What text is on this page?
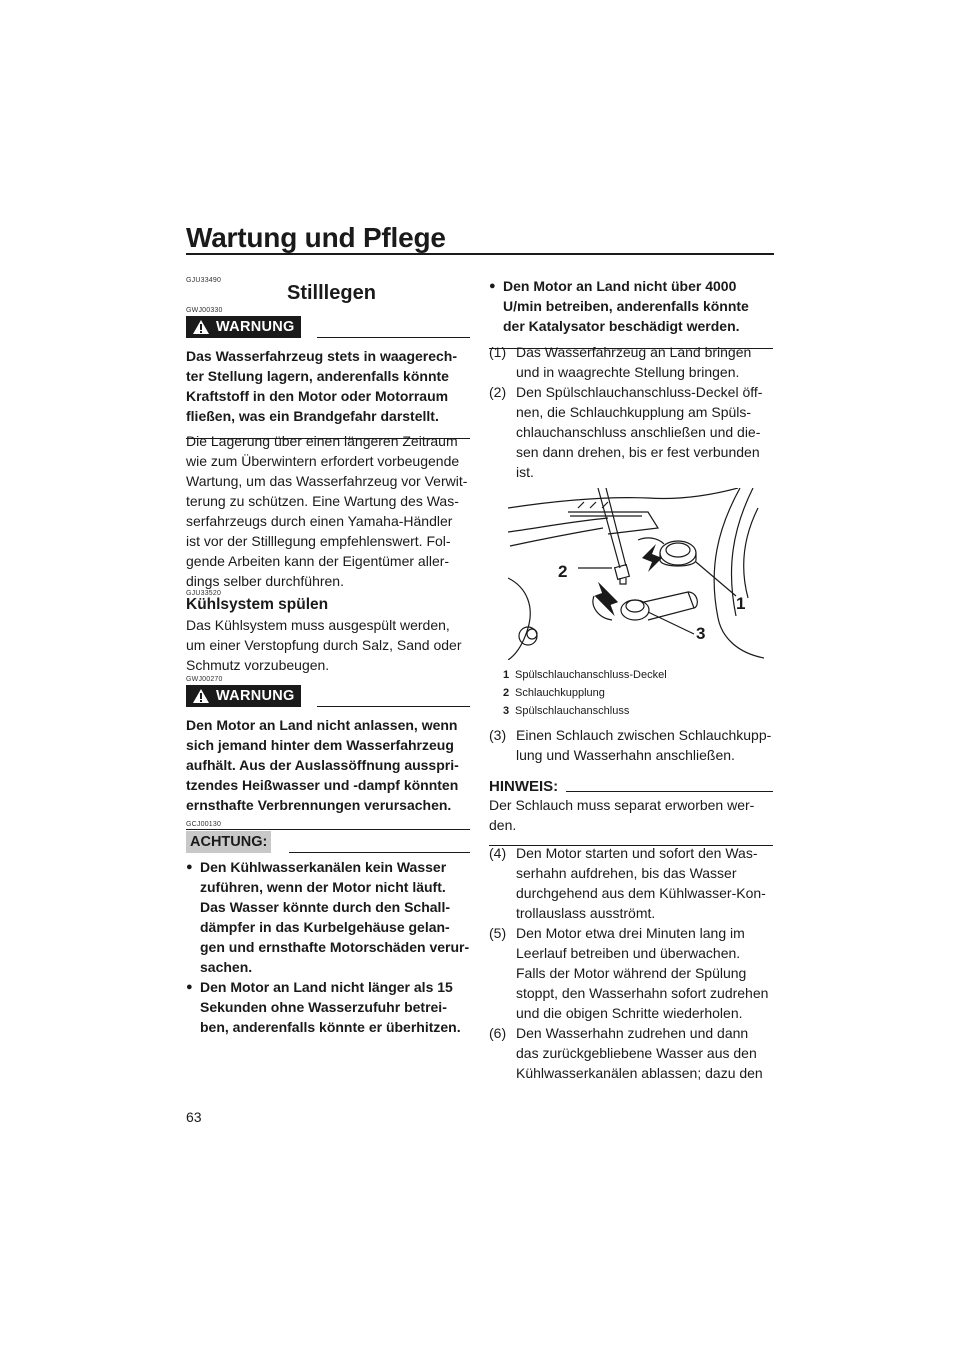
Wartung und Pflege
GJU33490
Stilllegen
GWJ00330
WARNUNG
Das Wasserfahrzeug stets in waagerech-
ter Stellung lagern, anderenfalls könnte
Kraftstoff in den Motor oder Motorraum
fließen, was ein Brandgefahr darstellt.
Die Lagerung über einen längeren Zeitraum
wie zum Überwintern erfordert vorbeugende
Wartung, um das Wasserfahrzeug vor Verwit-
terung zu schützen. Eine Wartung des Was-
serfahrzeugs durch einen Yamaha-Händler
ist vor der Stilllegung empfehlenswert. Fol-
gende Arbeiten kann der Eigentümer aller-
dings selber durchführen.
GJU33520
Kühlsystem spülen
Das Kühlsystem muss ausgespült werden,
um einer Verstopfung durch Salz, Sand oder
Schmutz vorzubeugen.
GWJ00270
WARNUNG
Den Motor an Land nicht anlassen, wenn
sich jemand hinter dem Wasserfahrzeug
aufhält. Aus der Auslassöffnung ausspri-
tzendes Heißwasser und -dampf könnten
ernsthafte Verbrennungen verursachen.
GCJ00130
ACHTUNG:
● Den Kühlwasserkanälen kein Wasser
zuführen, wenn der Motor nicht läuft.
Das Wasser könnte durch den Schall-
dämpfer in das Kurbelgehäuse gelan-
gen und ernsthafte Motorschäden verur-
sachen.
● Den Motor an Land nicht länger als 15
Sekunden ohne Wasserzufuhr betrei-
ben, anderenfalls könnte er überhitzen.
63
● Den Motor an Land nicht über 4000
U/min betreiben, anderenfalls könnte
der Katalysator beschädigt werden.
(1) Das Wasserfahrzeug an Land bringen
und in waagrechte Stellung bringen.
(2) Den Spülschlauchanschluss-Deckel öff-
nen, die Schlauchkupplung am Spüls-
chlauchanschluss anschließen und die-
sen dann drehen, bis er fest verbunden
ist.
1
2
3
1 Spülschlauchanschluss-Deckel
2 Schlauchkupplung
3 Spülschlauchanschluss
(3) Einen Schlauch zwischen Schlauchkupp-
lung und Wasserhahn anschließen.
HINWEIS:
Der Schlauch muss separat erworben wer-
den.
(4) Den Motor starten und sofort den Was-
serhahn aufdrehen, bis das Wasser
durchgehend aus dem Kühlwasser-Kon-
trollauslass ausströmt.
(5) Den Motor etwa drei Minuten lang im
Leerlauf betreiben und überwachen.
Falls der Motor während der Spülung
stoppt, den Wasserhahn sofort zudrehen
und die obigen Schritte wiederholen.
(6) Den Wasserhahn zudrehen und dann
das zurückgebliebene Wasser aus den
Kühlwasserkanälen ablassen; dazu den
